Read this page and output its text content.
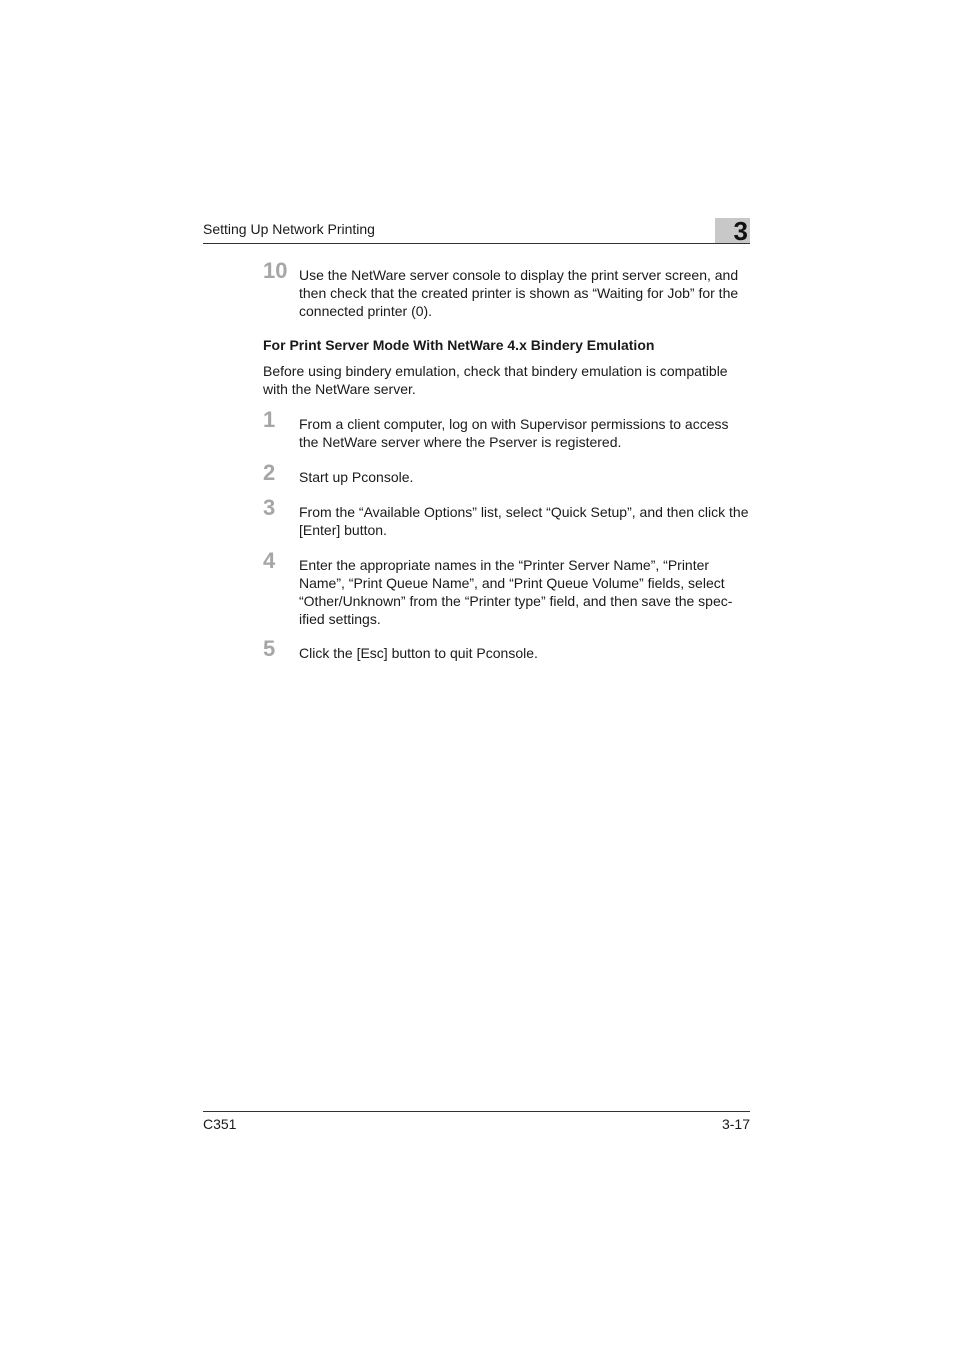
Setting Up Network Printing	3
10 Use the NetWare server console to display the print server screen, and then check that the created printer is shown as “Waiting for Job” for the connected printer (0).
For Print Server Mode With NetWare 4.x Bindery Emulation
Before using bindery emulation, check that bindery emulation is compatible with the NetWare server.
1 From a client computer, log on with Supervisor permissions to access the NetWare server where the Pserver is registered.
2 Start up Pconsole.
3 From the “Available Options” list, select “Quick Setup”, and then click the [Enter] button.
4 Enter the appropriate names in the “Printer Server Name”, “Printer Name”, “Print Queue Name”, and “Print Queue Volume” fields, select “Other/Unknown” from the “Printer type” field, and then save the spec- ified settings.
5 Click the [Esc] button to quit Pconsole.
C351	3-17
